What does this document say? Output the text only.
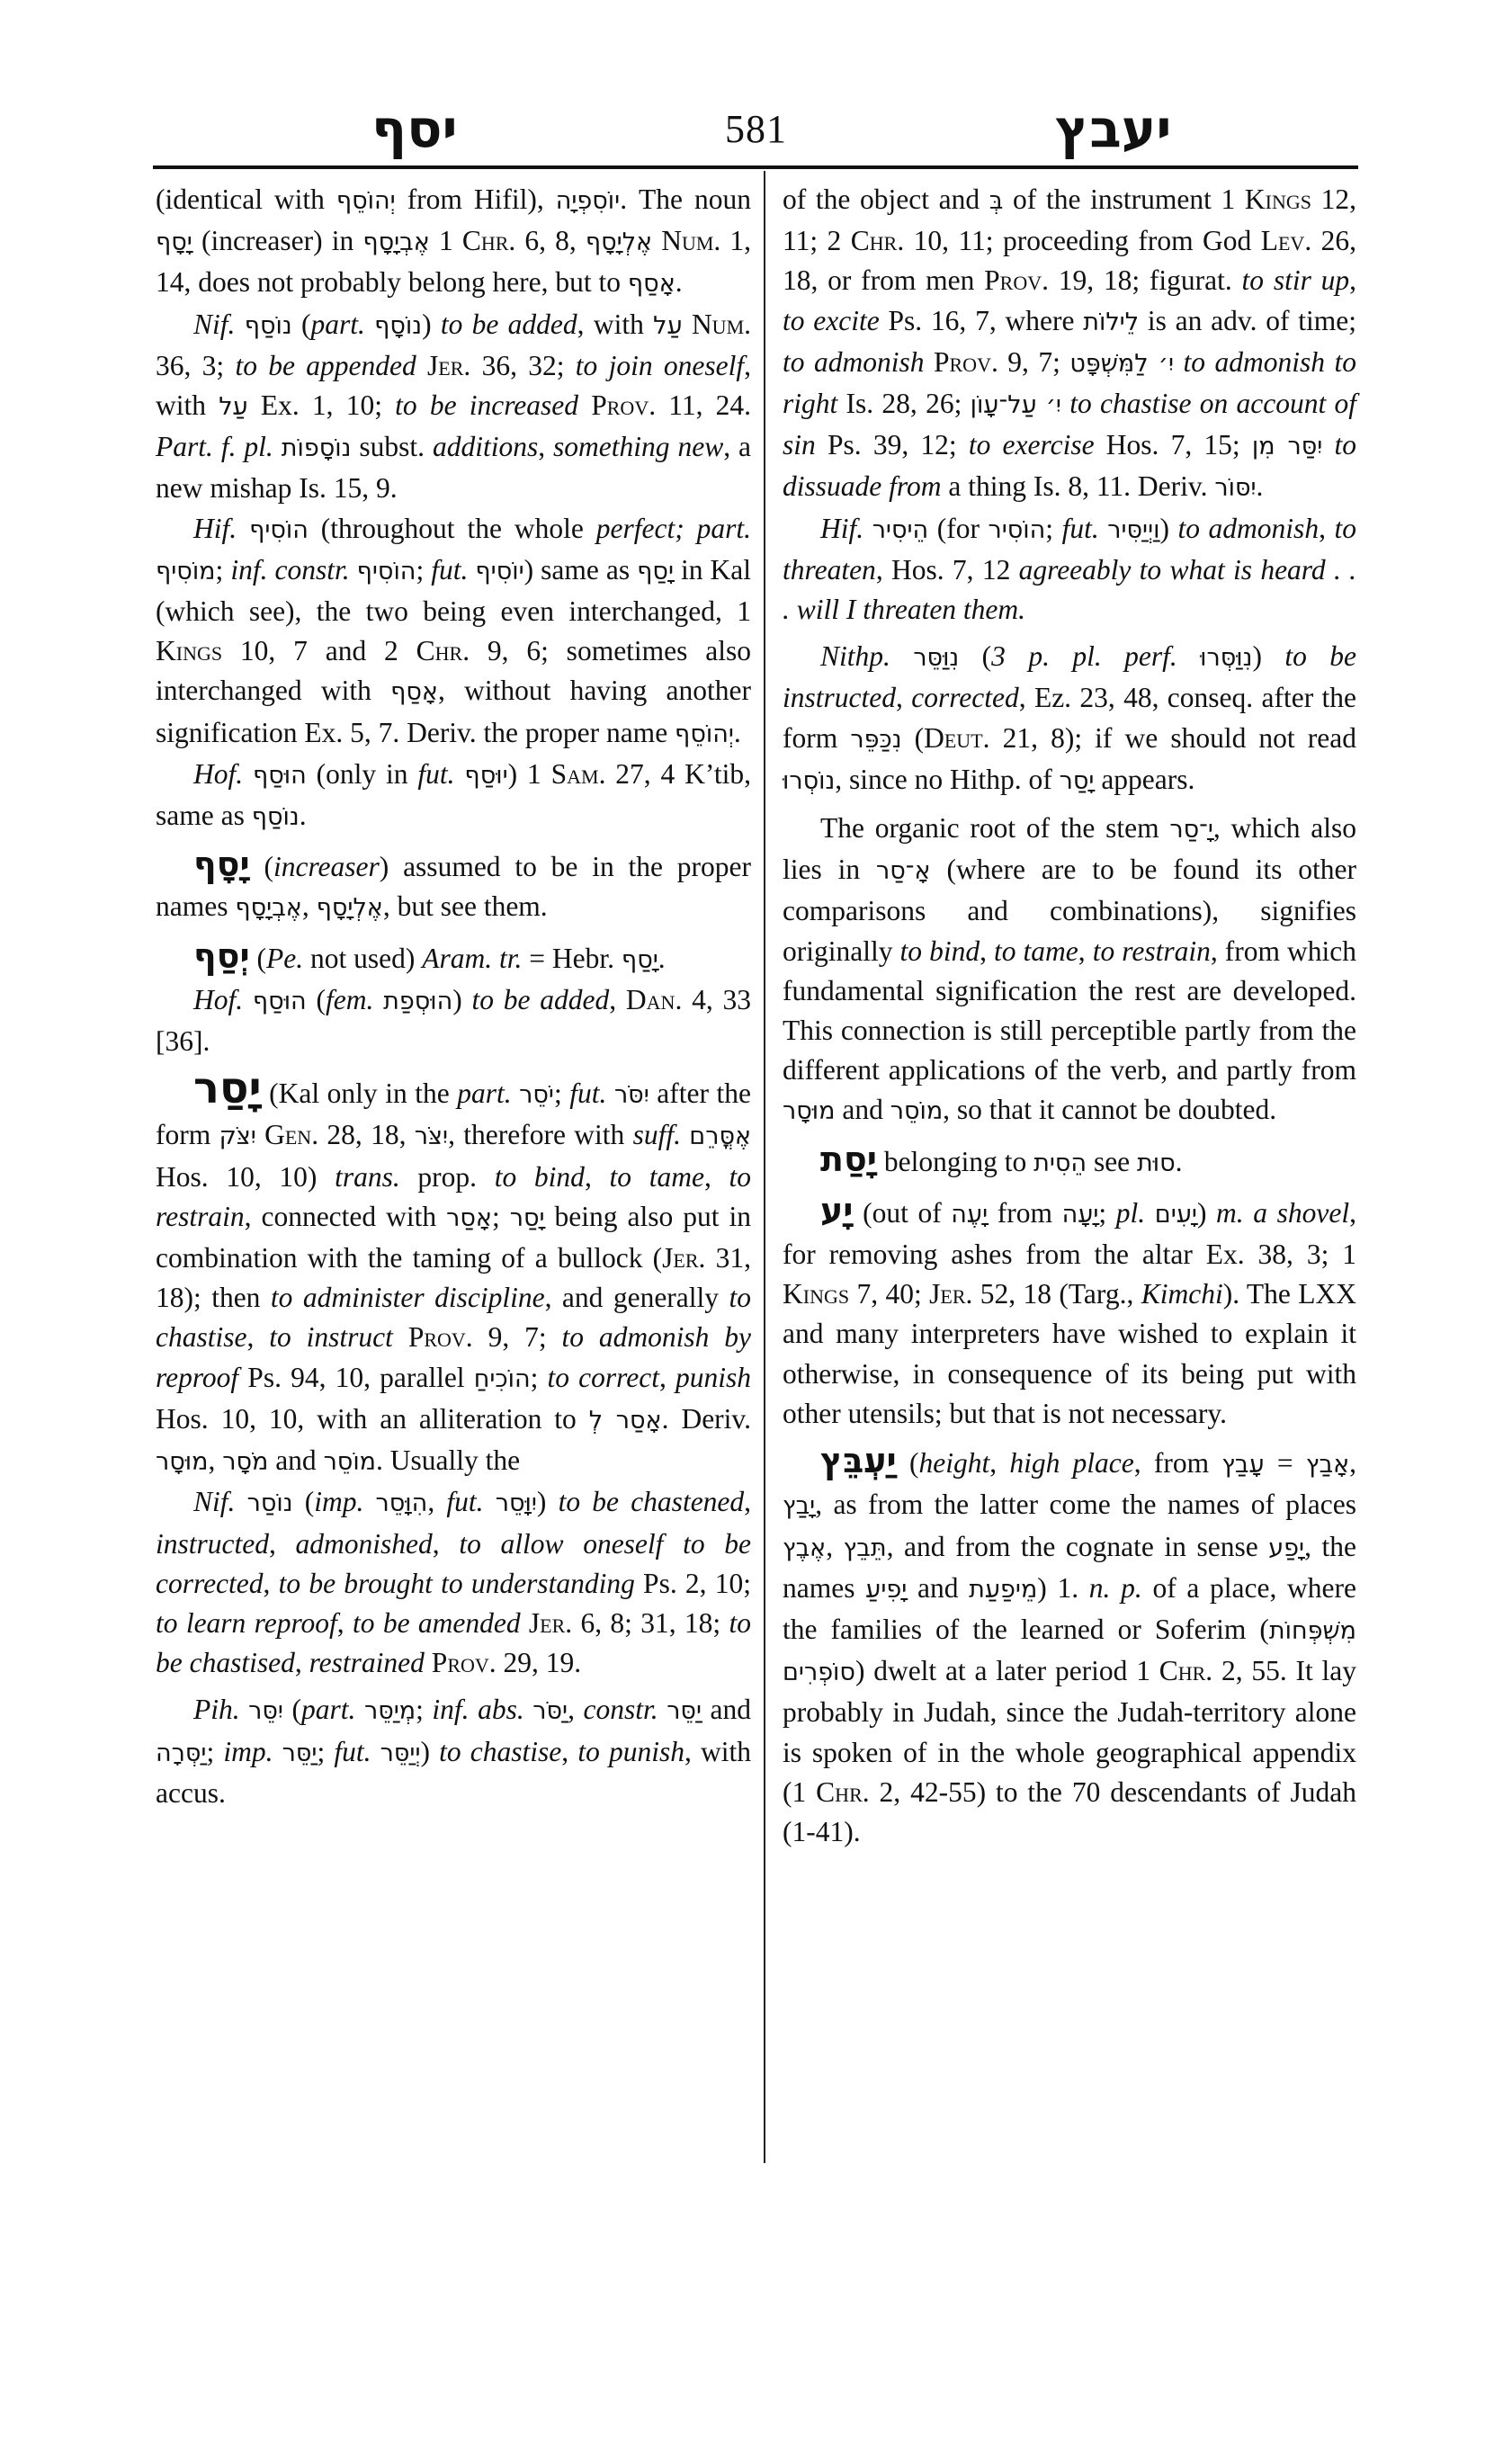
יסף	581	יעבץ

(identical with יְהוֹסֵף from Hifil), יוֹסִפְיָה. The noun יָסָף (increaser) in אֶבְיָסָף 1 Chr. 6, 8, אֶלְיָסָף Num. 1, 14, does not probably belong here, but to אָסַף.

Nif. נוֹסַף (part. נוֹסָף) to be added, with עַל Num. 36, 3; to be appended Jer. 36, 32; to join oneself, with עַל Ex. 1, 10; to be increased Prov. 11, 24. Part. f. pl. נוֹסָפוֹת subst. additions, something new, a new mishap Is. 15, 9.

Hif. הוֹסִיף (throughout the whole perfect; part. מוֹסִיף; inf. constr. הוֹסִיף; fut. יוֹסִיף) same as יָסַף in Kal (which see), the two being even interchanged, 1 Kings 10, 7 and 2 Chr. 9, 6; sometimes also interchanged with אָסַף, without having another signification Ex. 5, 7. Deriv. the proper name יְהוֹסֵף.

Hof. הוּסַף (only in fut. יוּסַף) 1 Sam. 27, 4 K’tib, same as נוֹסַף.

יָסָף (increaser) assumed to be in the proper names אֶבְיָסָף, אֶלְיָסָף, but see them.

יְסַף (Pe. not used) Aram. tr. = Hebr. יָסַף.

Hof. הוּסַף (fem. הוּסְפַת) to be added, Dan. 4, 33 [36].

יָסַר (Kal only in the part. יֹסֵר; fut. יִסֹּר after the form יִצֹּק Gen. 28, 18, יִצֹּר, therefore with suff. אֶסֳּרֵם Hos. 10, 10) trans. prop. to bind, to tame, to restrain, connected with אָסַר; יָסַר being also put in combination with the taming of a bullock (Jer. 31, 18); then to administer discipline, and generally to chastise, to instruct Prov. 9, 7; to admonish by reproof Ps. 94, 10, parallel הוֹכִיחַ; to correct, punish Hos. 10, 10, with an alliteration to אָסַר לְ. Deriv. מוּסָר, מֹסָר and מוֹסֵר. Usually the

Nif. נוֹסַר (imp. הִוָּסֵר, fut. יִוָּסֵר) to be chastened, instructed, admonished, to allow oneself to be corrected, to be brought to understanding Ps. 2, 10; to learn reproof, to be amended Jer. 6, 8; 31, 18; to be chastised, restrained Prov. 29, 19.

Pih. יִסֵּר (part. מְיַסֵּר; inf. abs. יַסֹּר, constr. יַסֵּר and יַסְּרָה; imp. יַסֵּר; fut. יְיַסֵּר) to chastise, to punish, with accus.

of the object and בְּ of the instrument 1 Kings 12, 11; 2 Chr. 10, 11; proceeding from God Lev. 26, 18, or from men Prov. 19, 18; figurat. to stir up, to excite Ps. 16, 7, where לֵילוֹת is an adv. of time; to admonish Prov. 9, 7; יִ׳ לַמִּשְׁפָּט to admonish to right Is. 28, 26; יִ׳ עַל־עָוֹן to chastise on account of sin Ps. 39, 12; to exercise Hos. 7, 15; יִסַּר מִן to dissuade from a thing Is. 8, 11. Deriv. יִסּוֹר.

Hif. הֵיסִיר (for הוֹסִיר; fut. וַיְיַסִּיר) to admonish, to threaten, Hos. 7, 12 agreeably to what is heard . . . will I threaten them.

Nithp. נִוַּסֵּר (3 p. pl. perf. נִוַּסְּרוּ) to be instructed, corrected, Ez. 23, 48, conseq. after the form נִכַּפֵּר (Deut. 21, 8); if we should not read נוֹסְרוּ, since no Hithp. of יָסַר appears.

The organic root of the stem יָ־סַר, which also lies in אָ־סַר (where are to be found its other comparisons and combinations), signifies originally to bind, to tame, to restrain, from which fundamental signification the rest are developed. This connection is still perceptible partly from the different applications of the verb, and partly from מוּסָר and מוֹסֵר, so that it cannot be doubted.

יָסַת belonging to הֵסִית see סוּת.

יָע (out of יָעֶה from יָעָה; pl. יָעִים) m. a shovel, for removing ashes from the altar Ex. 38, 3; 1 Kings 7, 40; Jer. 52, 18 (Targ., Kimchi). The LXX and many interpreters have wished to explain it otherwise, in consequence of its being put with other utensils; but that is not necessary.

יַעְבֵּץ (height, high place, from עָבַץ = אָבַץ, יָבַץ, as from the latter come the names of places אֶבֶץ, תֵּבֵץ, and from the cognate in sense יָפַע, the names יָפִיעַ and מֵיפַעַת) 1. n. p. of a place, where the families of the learned or Soferim (מִשְׁפְּחוֹת סוֹפְרִים) dwelt at a later period 1 Chr. 2, 55. It lay probably in Judah, since the Judah-territory alone is spoken of in the whole geographical appendix (1 Chr. 2, 42-55) to the 70 descendants of Judah (1-41).
